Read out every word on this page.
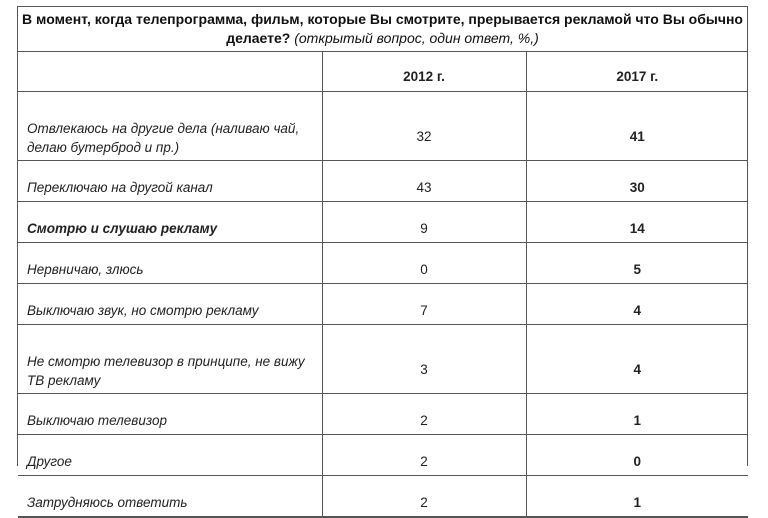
В момент, когда телепрограмма, фильм, которые Вы смотрите, прерывается рекламой что Вы обычно делаете? (открытый вопрос, один ответ, %,)
	2012 г.	2017 г.
Отвлекаюсь на другие дела (наливаю чай, делаю бутерброд и пр.)	32	41
Переключаю на другой канал	43	30
Смотрю и слушаю рекламу	9	14
Нервничаю, злюсь	0	5
Выключаю звук, но смотрю рекламу	7	4
Не смотрю телевизор в принципе, не вижу ТВ рекламу	3	4
Выключаю телевизор	2	1
Другое	2	0
Затрудняюсь ответить	2	1
